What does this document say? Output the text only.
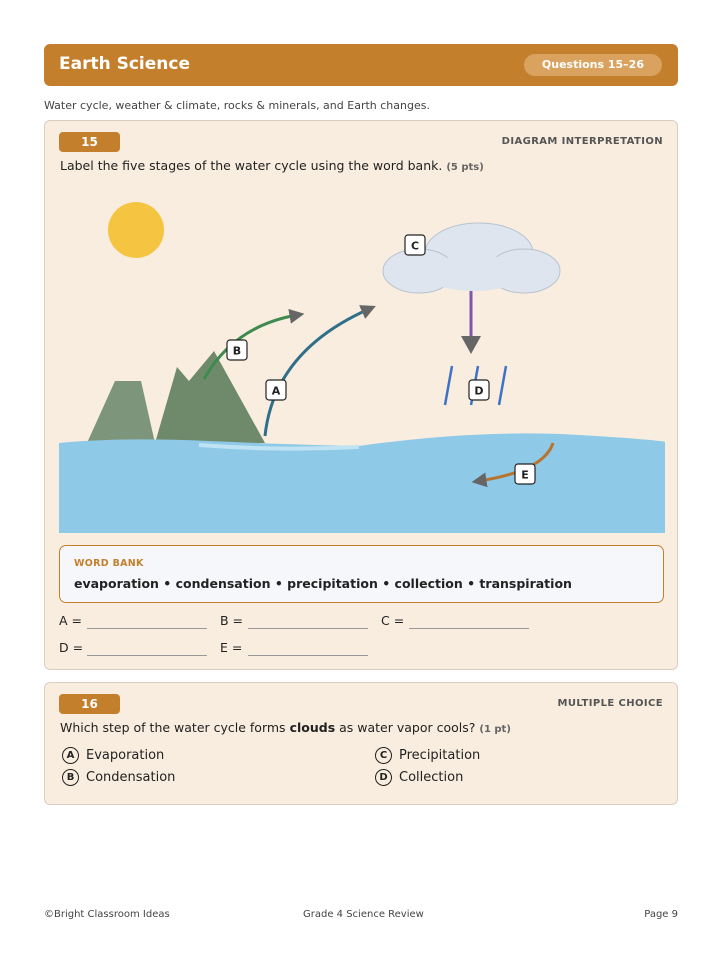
Earth Science	Questions 15–26
Water cycle, weather & climate, rocks & minerals, and Earth changes.
15	DIAGRAM INTERPRETATION
Label the five stages of the water cycle using the word bank. (5 pts)
A
B
C
D
E
WORD BANK
evaporation • condensation • precipitation • collection • transpiration
A =	B =	C =
D =	E =
16	MULTIPLE CHOICE
Which step of the water cycle forms clouds as water vapor cools? (1 pt)
A Evaporation
B Condensation
C Precipitation
D Collection
©Bright Classroom Ideas	Grade 4 Science Review	Page 9
